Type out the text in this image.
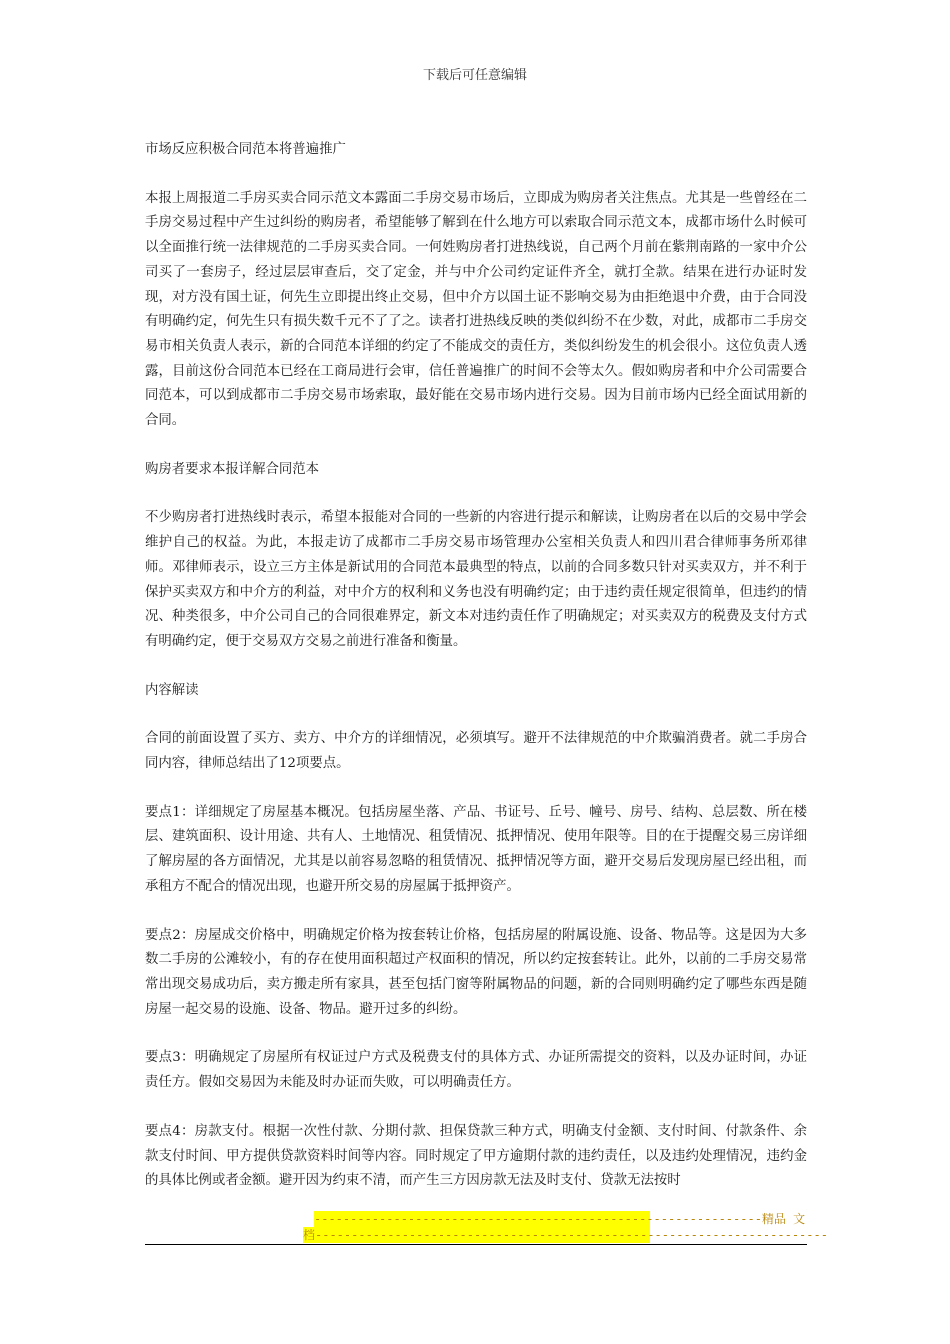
下载后可任意编辑

市场反应积极合同范本将普遍推广

本报上周报道二手房买卖合同示范文本露面二手房交易市场后，立即成为购房者关注焦点。尤其是一些曾经在二手房交易过程中产生过纠纷的购房者，希望能够了解到在什么地方可以索取合同示范文本，成都市场什么时候可以全面推行统一法律规范的二手房买卖合同。一何姓购房者打进热线说，自己两个月前在紫荆南路的一家中介公司买了一套房子，经过层层审查后，交了定金，并与中介公司约定证件齐全，就打全款。结果在进行办证时发现，对方没有国土证，何先生立即提出终止交易，但中介方以国土证不影响交易为由拒绝退中介费，由于合同没有明确约定，何先生只有损失数千元不了了之。读者打进热线反映的类似纠纷不在少数，对此，成都市二手房交易市相关负责人表示，新的合同范本详细的约定了不能成交的责任方，类似纠纷发生的机会很小。这位负责人透露，目前这份合同范本已经在工商局进行会审，信任普遍推广的时间不会等太久。假如购房者和中介公司需要合同范本，可以到成都市二手房交易市场索取，最好能在交易市场内进行交易。因为目前市场内已经全面试用新的合同。

购房者要求本报详解合同范本

不少购房者打进热线时表示，希望本报能对合同的一些新的内容进行提示和解读，让购房者在以后的交易中学会维护自己的权益。为此，本报走访了成都市二手房交易市场管理办公室相关负责人和四川君合律师事务所邓律师。邓律师表示，设立三方主体是新试用的合同范本最典型的特点，以前的合同多数只针对买卖双方，并不利于保护买卖双方和中介方的利益，对中介方的权利和义务也没有明确约定；由于违约责任规定很简单，但违约的情况、种类很多，中介公司自己的合同很难界定，新文本对违约责任作了明确规定；对买卖双方的税费及支付方式有明确约定，便于交易双方交易之前进行准备和衡量。

内容解读

合同的前面设置了买方、卖方、中介方的详细情况，必须填写。避开不法律规范的中介欺骗消费者。就二手房合同内容，律师总结出了12项要点。

要点1：详细规定了房屋基本概况。包括房屋坐落、产品、书证号、丘号、幢号、房号、结构、总层数、所在楼层、建筑面积、设计用途、共有人、土地情况、租赁情况、抵押情况、使用年限等。目的在于提醒交易三房详细了解房屋的各方面情况，尤其是以前容易忽略的租赁情况、抵押情况等方面，避开交易后发现房屋已经出租，而承租方不配合的情况出现，也避开所交易的房屋属于抵押资产。

要点2：房屋成交价格中，明确规定价格为按套转让价格，包括房屋的附属设施、设备、物品等。这是因为大多数二手房的公滩较小，有的存在使用面积超过产权面积的情况，所以约定按套转让。此外，以前的二手房交易常常出现交易成功后，卖方搬走所有家具，甚至包括门窗等附属物品的问题，新的合同则明确约定了哪些东西是随房屋一起交易的设施、设备、物品。避开过多的纠纷。

要点3：明确规定了房屋所有权证过户方式及税费支付的具体方式、办证所需提交的资料，以及办证时间，办证责任方。假如交易因为未能及时办证而失败，可以明确责任方。

要点4：房款支付。根据一次性付款、分期付款、担保贷款三种方式，明确支付金额、支付时间、付款条件、余款支付时间、甲方提供贷款资料时间等内容。同时规定了甲方逾期付款的违约责任，以及违约处理情况，违约金的具体比例或者金额。避开因为约束不清，而产生三方因房款无法及时支付、贷款无法按时

--------------------------------------------------------------精品 文
档-----------------------------------------------------------------------
